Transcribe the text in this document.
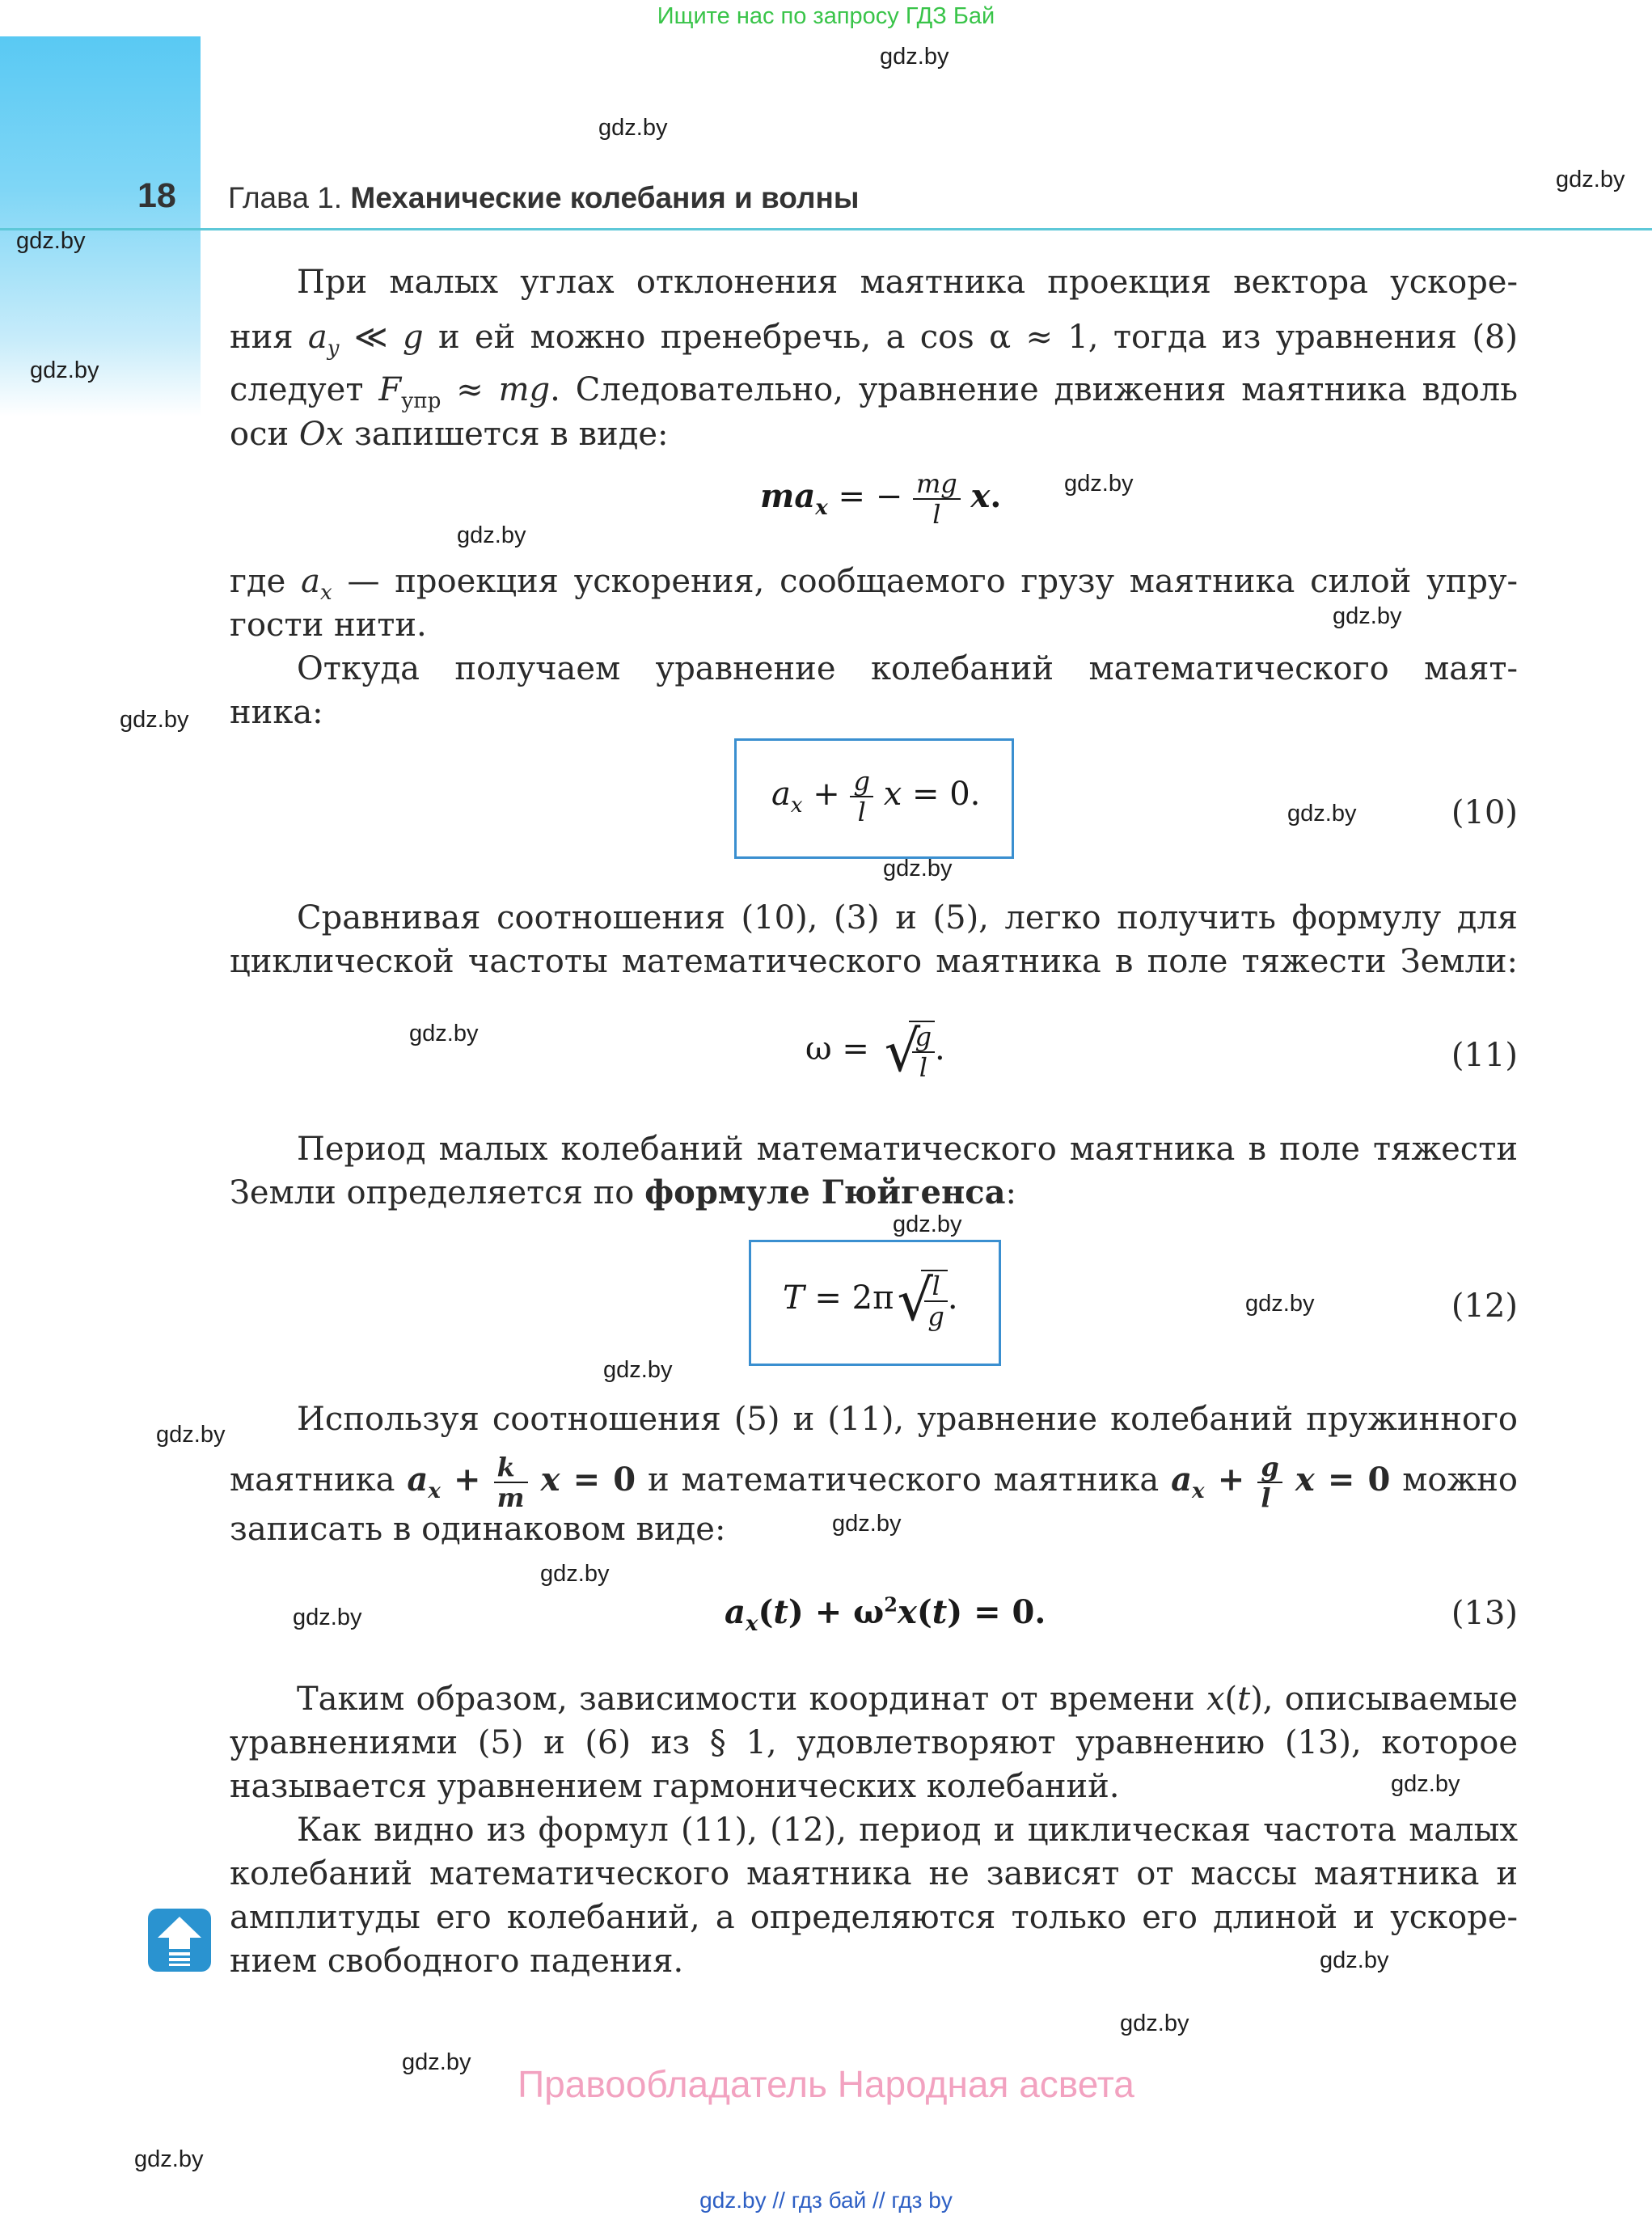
Ищите нас по запросу ГДЗ Бай
18 Глава 1. Механические колебания и волны
gdz.by
gdz.by
gdz.by
gdz.by
gdz.by
gdz.by
gdz.by
gdz.by
gdz.by
gdz.by
gdz.by
gdz.by
gdz.by
gdz.by
gdz.by
gdz.by
gdz.by
gdz.by
gdz.by
gdz.by
gdz.by
gdz.by
gdz.by
gdz.by
При малых углах отклонения маятника проекция вектора ускоре-
ния $a_y$ ≪ g и ей можно пренебречь, а cos α ≈ 1, тогда из уравнения (8)
следует $F_{упр}$ ≈ mg. Следовательно, уравнение движения маятника вдоль
оси Ox запишется в виде:
$ma_x$ = − $\frac{mg}{l} x$.
где $a_x$ — проекция ускорения, сообщаемого грузу маятника силой упру-
гости нити.
Откуда получаем уравнение колебаний математического маят-
ника:
$a_x + \frac{g}{l}$ x = 0.	(10)
Сравнивая соотношения (10), (3) и (5), легко получить формулу для
циклической частоты математического маятника в поле тяжести Земли:
ω = √ $\frac{g}{l}$ .	(11)
Период малых колебаний математического маятника в поле тяжести
Земли определяется по формуле Гюйгенса:
T = 2π √ $\frac{l}{g}$ .	(12)
Используя соотношения (5) и (11), уравнение колебаний пружинного
маятника $a_x + \frac{k}{m}$ x = 0 и математического маятника $a_x + \frac{g}{l}$ x = 0 можно
записать в одинаковом виде:
$a_x(t) + \omega^2x(t) = 0$.	(13)
Таким образом, зависимости координат от времени x(t), описываемые
уравнениями (5) и (6) из § 1, удовлетворяют уравнению (13), которое
называется уравнением гармонических колебаний.
Как видно из формул (11), (12), период и циклическая частота малых
колебаний математического маятника не зависят от массы маятника и
амплитуды его колебаний, а определяются только его длиной и ускоре-
нием свободного падения.
Правообладатель Народная асвета
gdz.by // гдз бай // гдз by
